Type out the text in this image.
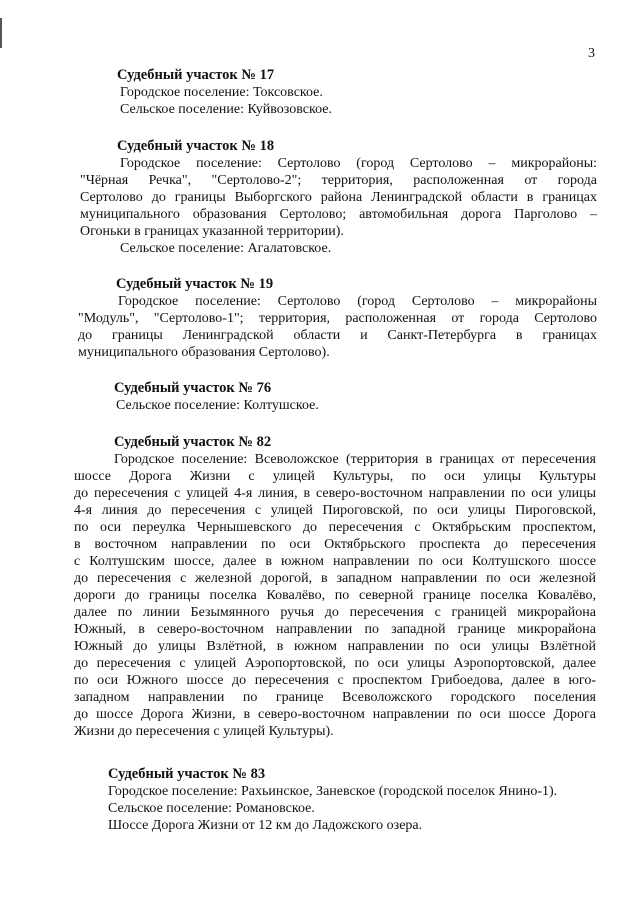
3
Судебный участок № 17
Городское поселение: Токсовское.
Сельское поселение: Куйвозовское.
Судебный участок № 18
Городское поселение: Сертолово (город Сертолово – микрорайоны:
"Чёрная Речка", "Сертолово-2"; территория, расположенная от города
Сертолово до границы Выборгского района Ленинградской области в границах
муниципального образования Сертолово; автомобильная дорога Парголово –
Огоньки в границах указанной территории).
Сельское поселение: Агалатовское.
Судебный участок № 19
Городское поселение: Сертолово (город Сертолово – микрорайоны
"Модуль", "Сертолово-1"; территория, расположенная от города Сертолово
до границы Ленинградской области и Санкт-Петербурга в границах
муниципального образования Сертолово).
Судебный участок № 76
Сельское поселение: Колтушское.
Судебный участок № 82
Городское поселение: Всеволожское (территория в границах от пересечения
шоссе Дорога Жизни с улицей Культуры, по оси улицы Культуры
до пересечения с улицей 4-я линия, в северо-восточном направлении по оси улицы
4-я линия до пересечения с улицей Пироговской, по оси улицы Пироговской,
по оси переулка Чернышевского до пересечения с Октябрьским проспектом,
в восточном направлении по оси Октябрьского проспекта до пересечения
с Колтушским шоссе, далее в южном направлении по оси Колтушского шоссе
до пересечения с железной дорогой, в западном направлении по оси железной
дороги до границы поселка Ковалёво, по северной границе поселка Ковалёво,
далее по линии Безымянного ручья до пересечения с границей микрорайона
Южный, в северо-восточном направлении по западной границе микрорайона
Южный до улицы Взлётной, в южном направлении по оси улицы Взлётной
до пересечения с улицей Аэропортовской, по оси улицы Аэропортовской, далее
по оси Южного шоссе до пересечения с проспектом Грибоедова, далее в юго-
западном направлении по границе Всеволожского городского поселения
до шоссе Дорога Жизни, в северо-восточном направлении по оси шоссе Дорога
Жизни до пересечения с улицей Культуры).
Судебный участок № 83
Городское поселение: Рахьинское, Заневское (городской поселок Янино-1).
Сельское поселение: Романовское.
Шоссе Дорога Жизни от 12 км до Ладожского озера.
